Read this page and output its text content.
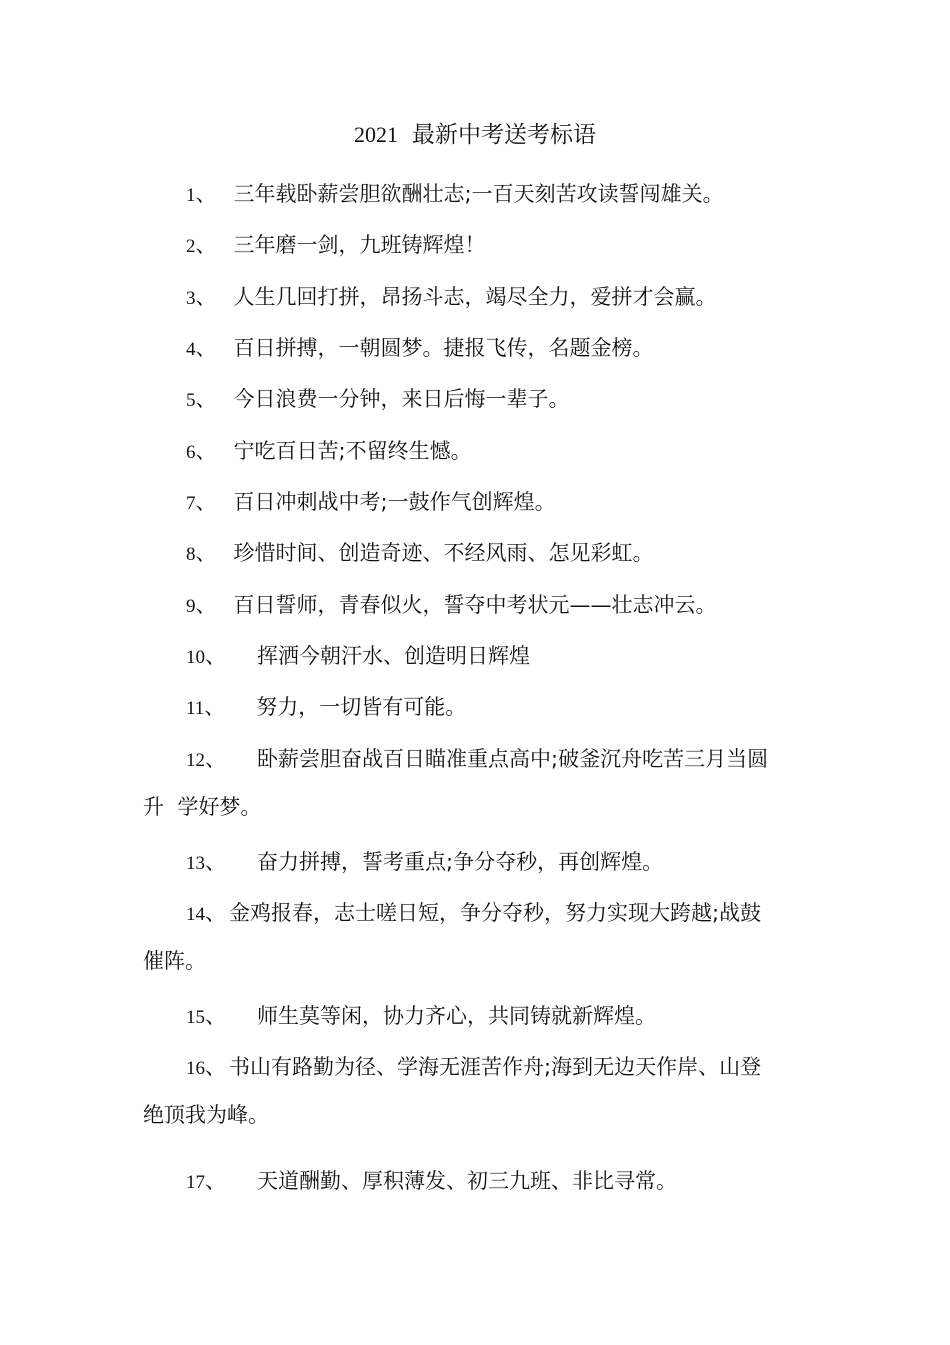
2021 最新中考送考标语
1、 三年载卧薪尝胆欲酬壮志;一百天刻苦攻读誓闯雄关。
2、 三年磨一剑，九班铸辉煌！
3、 人生几回打拼，昂扬斗志，竭尽全力，爱拼才会赢。
4、 百日拼搏，一朝圆梦。捷报飞传，名题金榜。
5、 今日浪费一分钟，来日后悔一辈子。
6、 宁吃百日苦;不留终生憾。
7、 百日冲刺战中考;一鼓作气创辉煌。
8、 珍惜时间、创造奇迹、不经风雨、怎见彩虹。
9、 百日誓师，青春似火，誓夺中考状元——壮志冲云。
10、 挥洒今朝汗水、创造明日辉煌
11、 努力，一切皆有可能。
12、 卧薪尝胆奋战百日瞄准重点高中;破釜沉舟吃苦三月当圆
升  学好梦。
13、 奋力拼搏，誓考重点;争分夺秒，再创辉煌。
14、 金鸡报春，志士嗟日短，争分夺秒，努力实现大跨越;战鼓
催阵。
15、 师生莫等闲，协力齐心，共同铸就新辉煌。
16、 书山有路勤为径、学海无涯苦作舟;海到无边天作岸、山登
绝顶我为峰。
17、 天道酬勤、厚积薄发、初三九班、非比寻常。
